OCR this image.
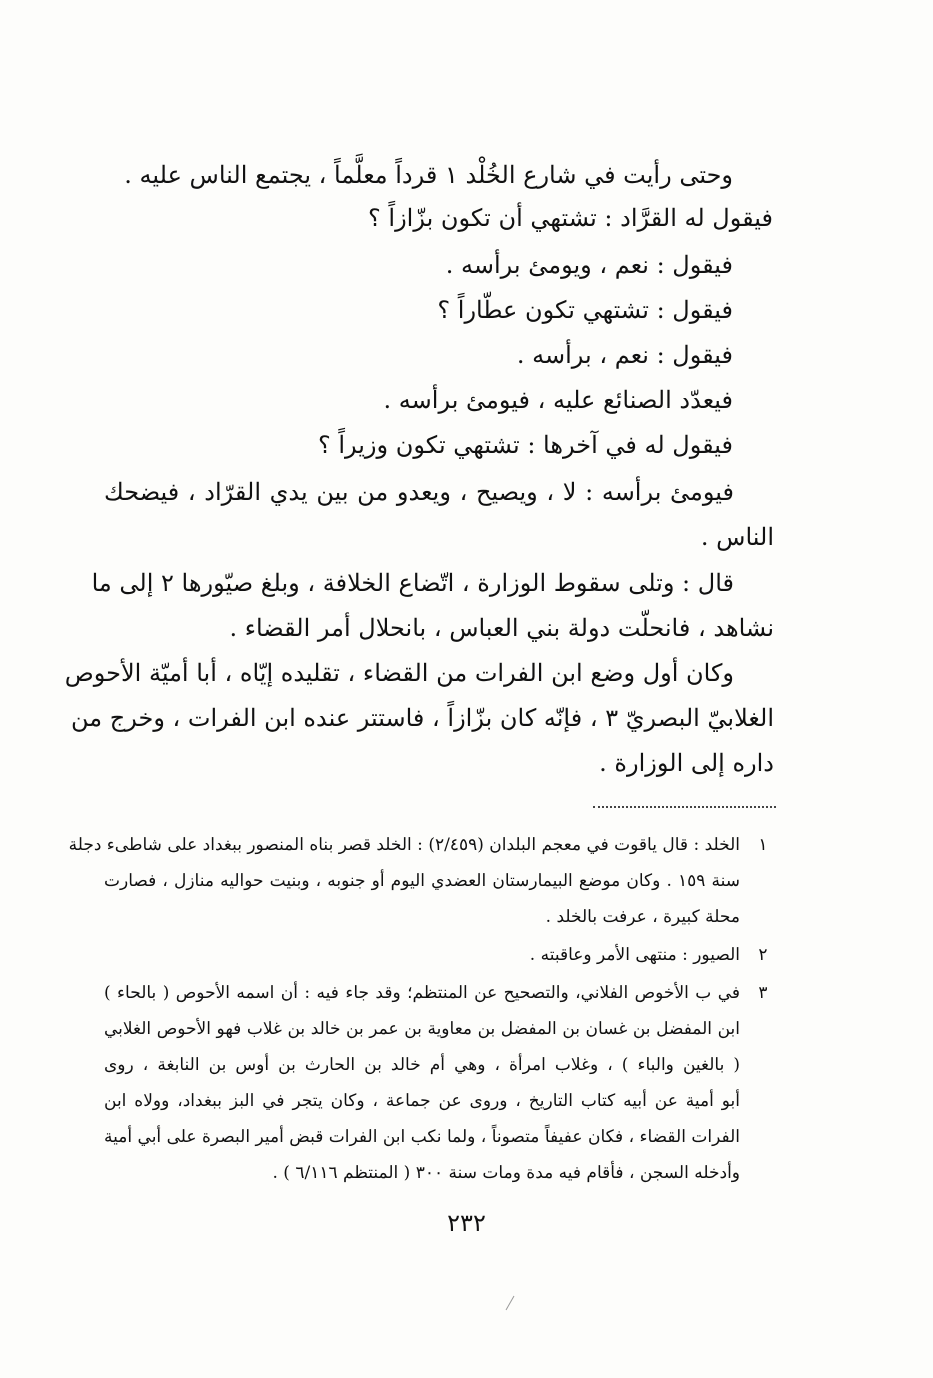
وحتى رأيت في شارع الخُلْد ١ قرداً معلَّماً ، يجتمع الناس عليه .
فيقول له القرَّاد : تشتهي أن تكون بزّازاً ؟
فيقول : نعم ، ويومئ برأسه .
فيقول : تشتهي تكون عطّاراً ؟
فيقول : نعم ، برأسه .
فيعدّد الصنائع عليه ، فيومئ برأسه .
فيقول له في آخرها : تشتهي تكون وزيراً ؟
فيومئ برأسه : لا ، ويصيح ، ويعدو من بين يدي القرّاد ، فيضحك
الناس .
قال : وتلى سقوط الوزارة ، اتّضاع الخلافة ، وبلغ صيّورها ٢ إلى ما
نشاهد ، فانحلّت دولة بني العباس ، بانحلال أمر القضاء .
وكان أول وضع ابن الفرات من القضاء ، تقليده إيّاه ، أبا أميّة الأحوص
الغلابيّ البصريّ ٣ ، فإنّه كان بزّازاً ، فاستتر عنده ابن الفرات ، وخرج من
داره إلى الوزارة .
١
الخلد : قال ياقوت في معجم البلدان (٢/٤٥٩) : الخلد قصر بناه المنصور ببغداد على شاطىء دجلة
سنة ١٥٩ . وكان موضع البيمارستان العضدي اليوم أو جنوبه ، وبنيت حواليه منازل ، فصارت
محلة كبيرة ، عرفت بالخلد .
٢
الصيور : منتهى الأمر وعاقبته .
٣
في ب الأخوص الفلاني، والتصحيح عن المنتظم؛ وقد جاء فيه : أن اسمه الأحوص ( بالحاء )
ابن المفضل بن غسان بن المفضل بن معاوية بن عمر بن خالد بن غلاب فهو الأحوص الغلابي
( بالغين والباء ) ، وغلاب امرأة ، وهي أم خالد بن الحارث بن أوس بن النابغة ، روى
أبو أمية عن أبيه كتاب التاريخ ، وروى عن جماعة ، وكان يتجر في البز ببغداد، وولاه ابن
الفرات القضاء ، فكان عفيفاً متصوناً ، ولما نكب ابن الفرات قبض أمير البصرة على أبي أمية
وأدخله السجن ، فأقام فيه مدة ومات سنة ٣٠٠ ( المنتظم ٦/١١٦ ) .
٢٣٢
